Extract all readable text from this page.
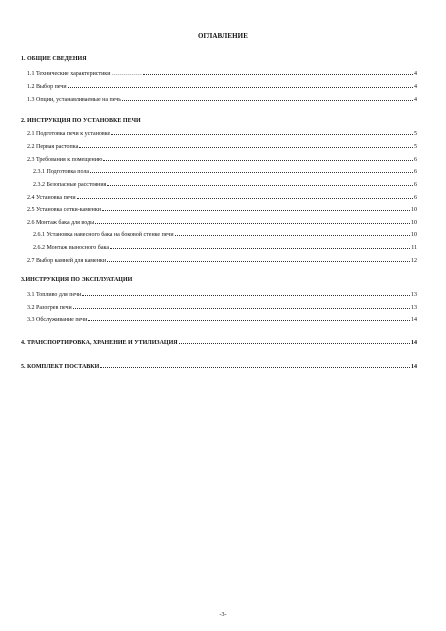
ОГЛАВЛЕНИЕ
1. ОБЩИЕ СВЕДЕНИЯ
1.1 Технические характеристики ……………	4
1.2 Выбор печи	4
1.3 Опции, устанавливаемые на печь	4
2. ИНСТРУКЦИЯ ПО УСТАНОВКЕ ПЕЧИ
2.1 Подготовка печи к установке	5
2.2 Первая растопка	5
2.3 Требования к помещению	6
2.3.1 Подготовка пола	6
2.3.2 Безопасные расстояния	6
2.4 Установка печи	6
2.5 Установка сетки-каменки	10
2.6 Монтаж бака для воды	10
2.6.1 Установка навесного бака на боковой стенке печи	10
2.6.2 Монтаж выносного бака	11
2.7 Выбор камней для каменки	12
3.ИНСТРУКЦИЯ ПО ЭКСПЛУАТАЦИИ
3.1 Топливо для печи	13
3.2 Разогрев печи	13
3.3 Обслуживание печи	14
4. ТРАНСПОРТИРОВКА, ХРАНЕНИЕ И УТИЛИЗАЦИЯ	14
5. КОМПЛЕКТ ПОСТАВКИ	14
-3-
